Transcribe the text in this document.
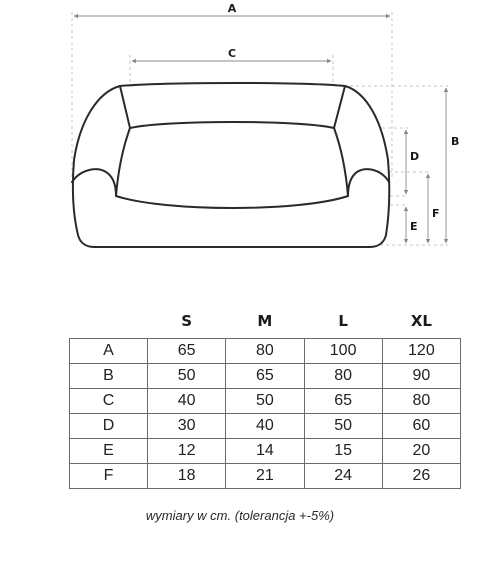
A
C
B
D
F
E
	S	M	L	XL
A	65	80	100	120
B	50	65	80	90
C	40	50	65	80
D	30	40	50	60
E	12	14	15	20
F	18	21	24	26
wymiary w cm. (tolerancja +-5%)
